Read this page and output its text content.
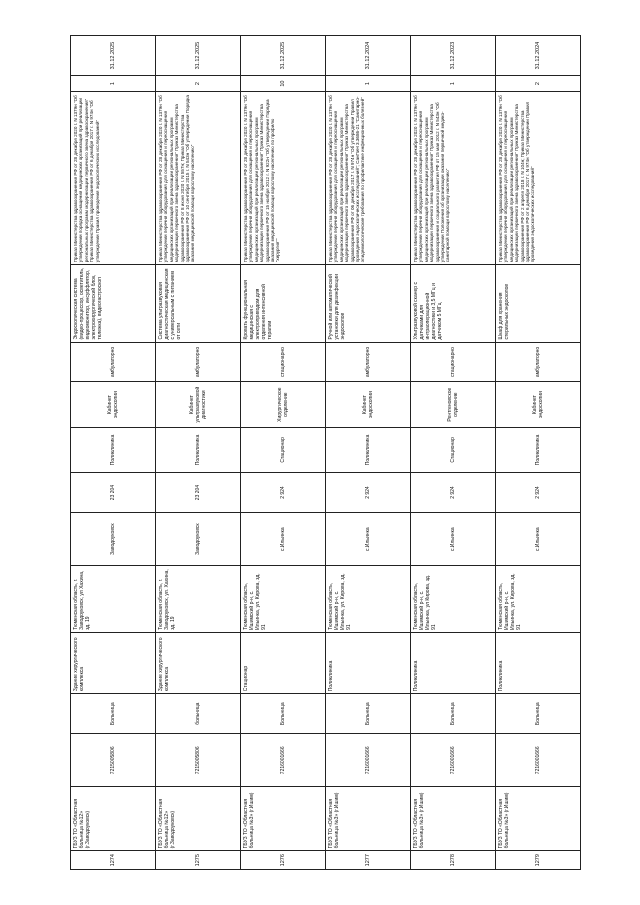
1274	ГБУЗ ТО «Областная больница №12» (г.Заводоуковск)	7215005806	Больница	Здание хирургического комплекса	Тюменская область, г. Заводоуковск, ул Хахина, зд. 19	Заводоуковск	23 204	Поликлиника	Кабинет эндоскопии	амбулаторно	Эндоскопическая система (видео-процессор, осветитель, видеомонитор, инсуффлятор, электрохирургический блок, тележка), видеогастроскоп	Приказ Министерства здравоохранения РФ от 28 декабря 2020 г. N 1379н "Об утверждении порядка оснащения медицинских организаций при реализации региональных программ модернизации первичного звена здравоохранения" Приказ Министерства здравоохранения РФ от 6 декабря 2017 г. N 974н "Об утверждении Правил проведения эндоскопических исследований"	1	31.12.2025
1275	ГБУЗ ТО «Областная больница №12» (г.Заводоуковск)	7215005806	больница	Здание хирургического комплекса	Тюменская область, г. Заводоуковск, ул. Хахина, зд. 19	Заводоуковск	23 204	Поликлиника	Кабинет ультразвуковой диагностики	амбулаторно	Система ультразвуковая диагностическая медицинская с универсальным с питанием от сети	Приказ Министерства здравоохранения РФ от 28 декабря 2020 г. N 1379н "Об утверждении перечня оборудования для оснащения и переоснащения медицинских организаций при реализации региональных программ модернизации первичного звена здравоохранения" Приказ Министерства здравоохранения РФ от 8 июня 2020 г. N 557н; Приказ Министерства здравоохранения РФ от 10 сентября 2015 г. N 543н "Об утверждении Порядка оказания медицинской помощи взрослому населению"	2	31.12.2025
1276	ГБУЗ ТО «Областная больница №3» (г.Ишим)	7216001666	Больница	Стационар	Тюменская область, Ишимский р-н, с. Ильинка, ул. Кирова, зд. 91	с.Ильинка	2 924	Стационар	Хирургическое отделение	стационарно	Кровать функциональная медицинская с электроприводом для отделения интенсивной терапии	Приказ Министерства здравоохранения РФ от 28 декабря 2020 г. N 1379н "Об утверждении перечня оборудования для оснащения и переоснащения медицинских организаций при реализации региональных программ модернизации первичного звена здравоохранения" Приказ Министерства здравоохранения РФ от 15 ноября 2012 г. N 922н "Об утверждении Порядка оказания медицинской помощи взрослому населению по профилю "хирургия""	10	31.12.2025
1277	ГБУЗ ТО «Областная больница №3» (г.Ишим)	7216001666	Больница	Поликлиника	Тюменская область, Ишимский р-н, с. Ильинка, ул. Кирова, зд. 91	с.Ильинка	2 924	Поликлиника	Кабинет эндоскопии	амбулаторно	Ручной или автоматический установки для дезинфекции эндоскопов	Приказ Министерства здравоохранения РФ от 28 декабря 2020 г. N 1379н "Об утверждении перечня оборудования для оснащения и переоснащения медицинских организаций при реализации региональных программ модернизации первичного звена здравоохранения" Приказ Министерства здравоохранения РФ от 06 декабря 2017 г. N 974н "Об утверждении Правил проведения эндоскопических исследований"; СанПиН 3.3686-21 "Санитарно-эпидемиологические требования по профилактике инфекционных болезней"	1	31.12.2024
1278	ГБУЗ ТО «Областная больница №3» (г.Ишим)	7216001666	Больница	Поликлиника	Тюменская область, Ишимский р-н, с. Ильинка, ул Кирова, зд. 91	с.Ильинка	2 924	Стационар	Рентгеновское отделение	стационарно	Ультразвуковой сканер с датчиками для интраоперационной диагностики и 3,5 МГц и датчиком 5 МГц	Приказ Министерства здравоохранения РФ от 28 декабря 2020 г. N 1379н "Об утверждении перечня оборудования для оснащения и переоснащения медицинских организаций при реализации региональных программ модернизации первичного звена здравоохранения" Приказ Министерства здравоохранения и социального развития РФ от 15 мая 2012 г. N 543н "Об утверждении Положения об организации оказания первичной медико-санитарной помощи взрослому населению"	1	31.12.2023
1279	ГБУЗ ТО «Областная больница №3» (г.Ишим)	7216001666	Больница	Поликлиника	Тюменская область, Ишимский р-н, с. Ильинка, ул. Кирова, зд. 91	с.Ильинка	2 924	Поликлиника	Кабинет эндоскопии	амбулаторно	Шкаф для хранения стерильных эндоскопов	Приказ Министерства здравоохранения РФ от 28 декабря 2020 г. N 1379н "Об утверждении перечня оборудования для оснащения и переоснащения медицинских организаций при реализации региональных программ модернизации первичного звена здравоохранения" Приказ Министерства здравоохранения РФ от 2 апреля 2018 г. N 104н; Приказ Министерства здравоохранения РФ от 6 декабря 2017 г. N 974н "Об утверждении Правил проведения эндоскопических исследований"	2	31.12.2024
